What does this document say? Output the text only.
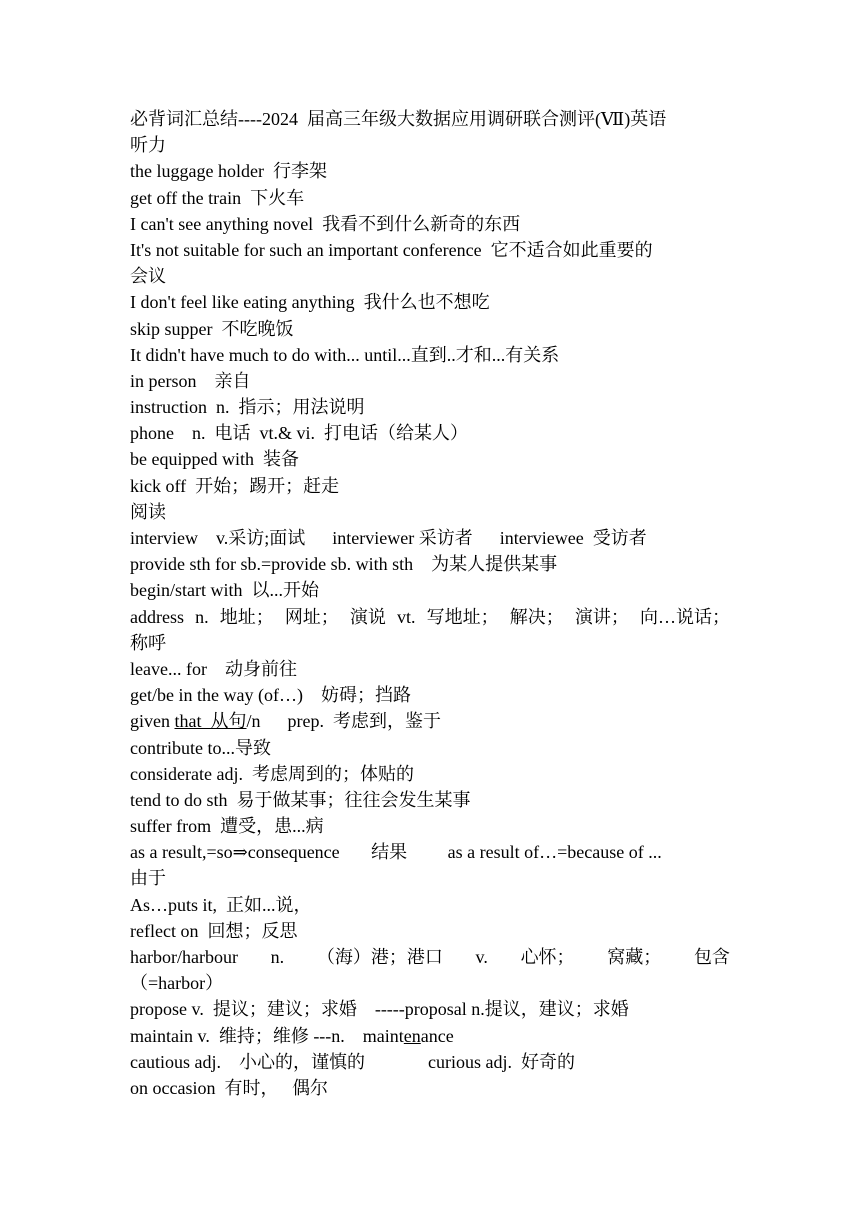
必背词汇总结----2024  届高三年级大数据应用调研联合测评(Ⅶ)英语
听力
the luggage holder  行李架
get off the train  下火车
I can't see anything novel  我看不到什么新奇的东西
It's not suitable for such an important conference  它不适合如此重要的
会议
I don't feel like eating anything  我什么也不想吃
skip supper  不吃晚饭
It didn't have much to do with... until...直到..才和...有关系
in person    亲自
instruction  n.  指示；用法说明
phone    n.  电话  vt.& vi.  打电话（给某人）
be equipped with  装备
kick off  开始；踢开；赶走
阅读
interview    v.采访;面试      interviewer 采访者      interviewee  受访者
provide sth for sb.=provide sb. with sth    为某人提供某事
begin/start with  以...开始
address n. 地址； 网址； 演说 vt. 写地址； 解决； 演讲； 向…说话；
称呼
leave... for    动身前往
get/be in the way (of…)    妨碍；挡路
given that  从句/n      prep.  考虑到，鉴于
contribute to...导致
considerate adj.  考虑周到的；体贴的
tend to do sth  易于做某事；往往会发生某事
suffer from  遭受，患...病
as a result,=so⇒consequence       结果         as a result of…=because of ...
由于
As…puts it,  正如...说，
reflect on  回想；反思
harbor/harbour n. （海）港；港口 v. 心怀； 窝藏； 包含
（=harbor）
propose v.  提议；建议；求婚    -----proposal n.提议，建议；求婚
maintain v.  维持；维修 ---n.    maintenance
cautious adj.    小心的，谨慎的              curious adj.  好奇的
on occasion  有时，   偶尔
